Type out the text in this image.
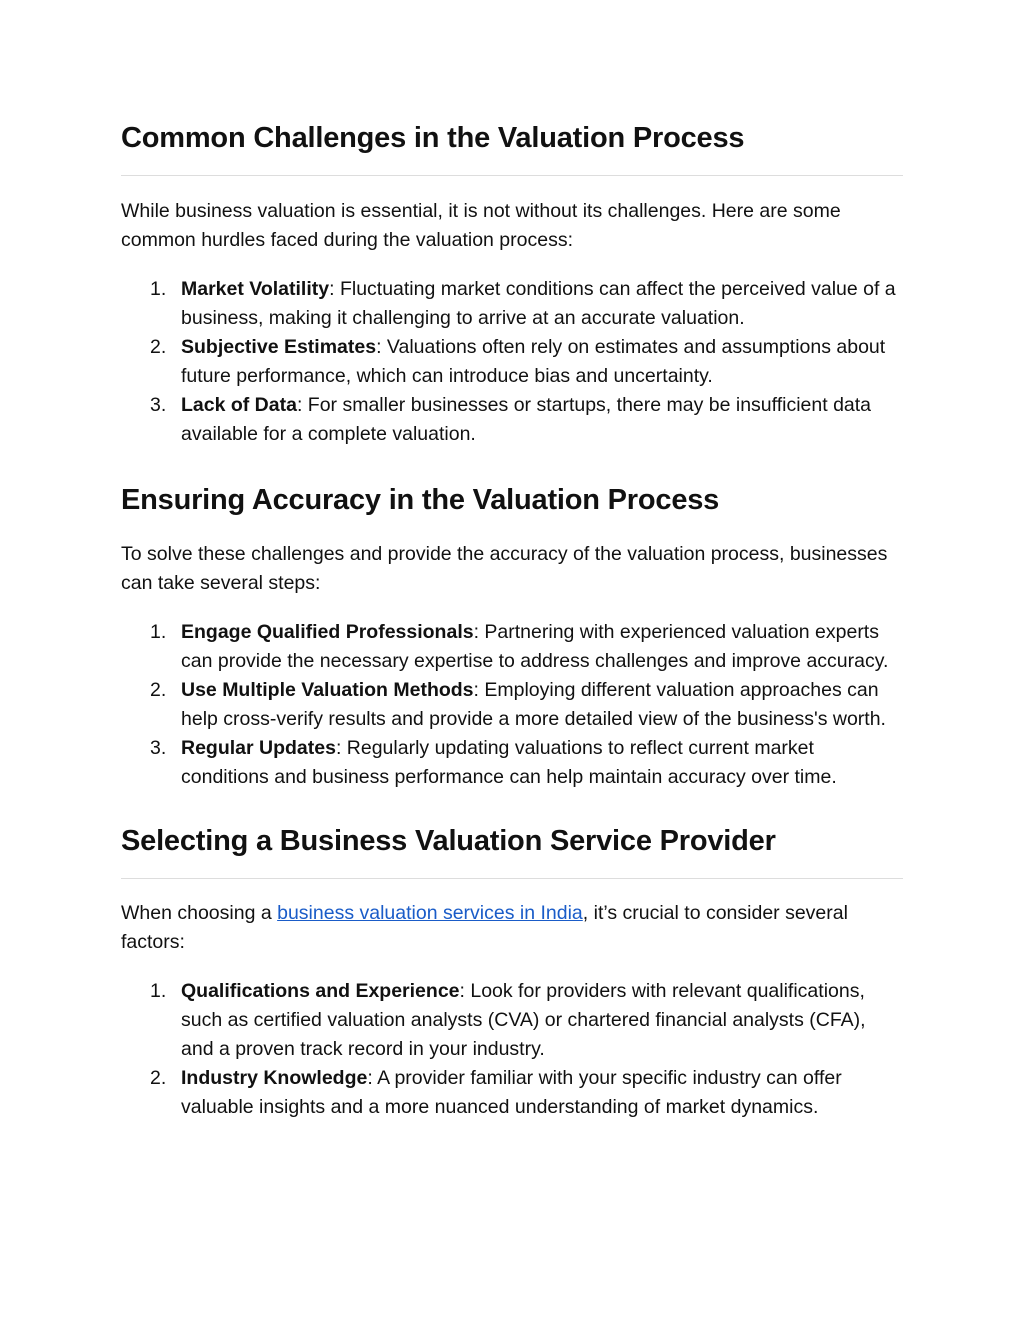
Common Challenges in the Valuation Process

While business valuation is essential, it is not without its challenges. Here are some common hurdles faced during the valuation process:

1. Market Volatility: Fluctuating market conditions can affect the perceived value of a business, making it challenging to arrive at an accurate valuation.
2. Subjective Estimates: Valuations often rely on estimates and assumptions about future performance, which can introduce bias and uncertainty.
3. Lack of Data: For smaller businesses or startups, there may be insufficient data available for a complete valuation.
Ensuring Accuracy in the Valuation Process

To solve these challenges and provide the accuracy of the valuation process, businesses can take several steps:

1. Engage Qualified Professionals: Partnering with experienced valuation experts can provide the necessary expertise to address challenges and improve accuracy.
2. Use Multiple Valuation Methods: Employing different valuation approaches can help cross-verify results and provide a more detailed view of the business's worth.
3. Regular Updates: Regularly updating valuations to reflect current market conditions and business performance can help maintain accuracy over time.
Selecting a Business Valuation Service Provider

When choosing a business valuation services in India, it’s crucial to consider several factors:

1. Qualifications and Experience: Look for providers with relevant qualifications, such as certified valuation analysts (CVA) or chartered financial analysts (CFA), and a proven track record in your industry.
2. Industry Knowledge: A provider familiar with your specific industry can offer valuable insights and a more nuanced understanding of market dynamics.
